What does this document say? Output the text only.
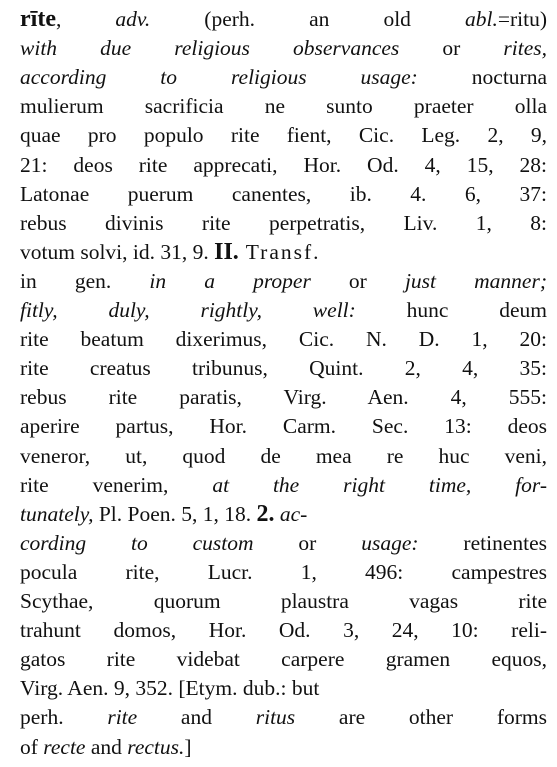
rīte, adv. (perh. an old abl.=ritu)
with due religious observances or rites,
according to religious usage: nocturna
mulierum sacrificia ne sunto praeter olla
quae pro populo rite fient, Cic. Leg. 2, 9,
21: deos rite apprecati, Hor. Od. 4, 15, 28:
Latonae puerum canentes, ib. 4. 6, 37:
rebus divinis rite perpetratis, Liv. 1, 8:
votum solvi, id. 31, 9. II. Transf.
in gen. in a proper or just manner;
fitly, duly, rightly, well: hunc deum
rite beatum dixerimus, Cic. N. D. 1, 20:
rite creatus tribunus, Quint. 2, 4, 35:
rebus rite paratis, Virg. Aen. 4, 555:
aperire partus, Hor. Carm. Sec. 13: deos
veneror, ut, quod de mea re huc veni,
rite venerim, at the right time, for-
tunately, Pl. Poen. 5, 1, 18. 2. ac-
cording to custom or usage: retinentes
pocula rite, Lucr. 1, 496: campestres
Scythae, quorum plaustra vagas rite
trahunt domos, Hor. Od. 3, 24, 10: reli-
gatos rite videbat carpere gramen equos,
Virg. Aen. 9, 352. [Etym. dub.: but
perh. rite and ritus are other forms
of recte and rectus.]
